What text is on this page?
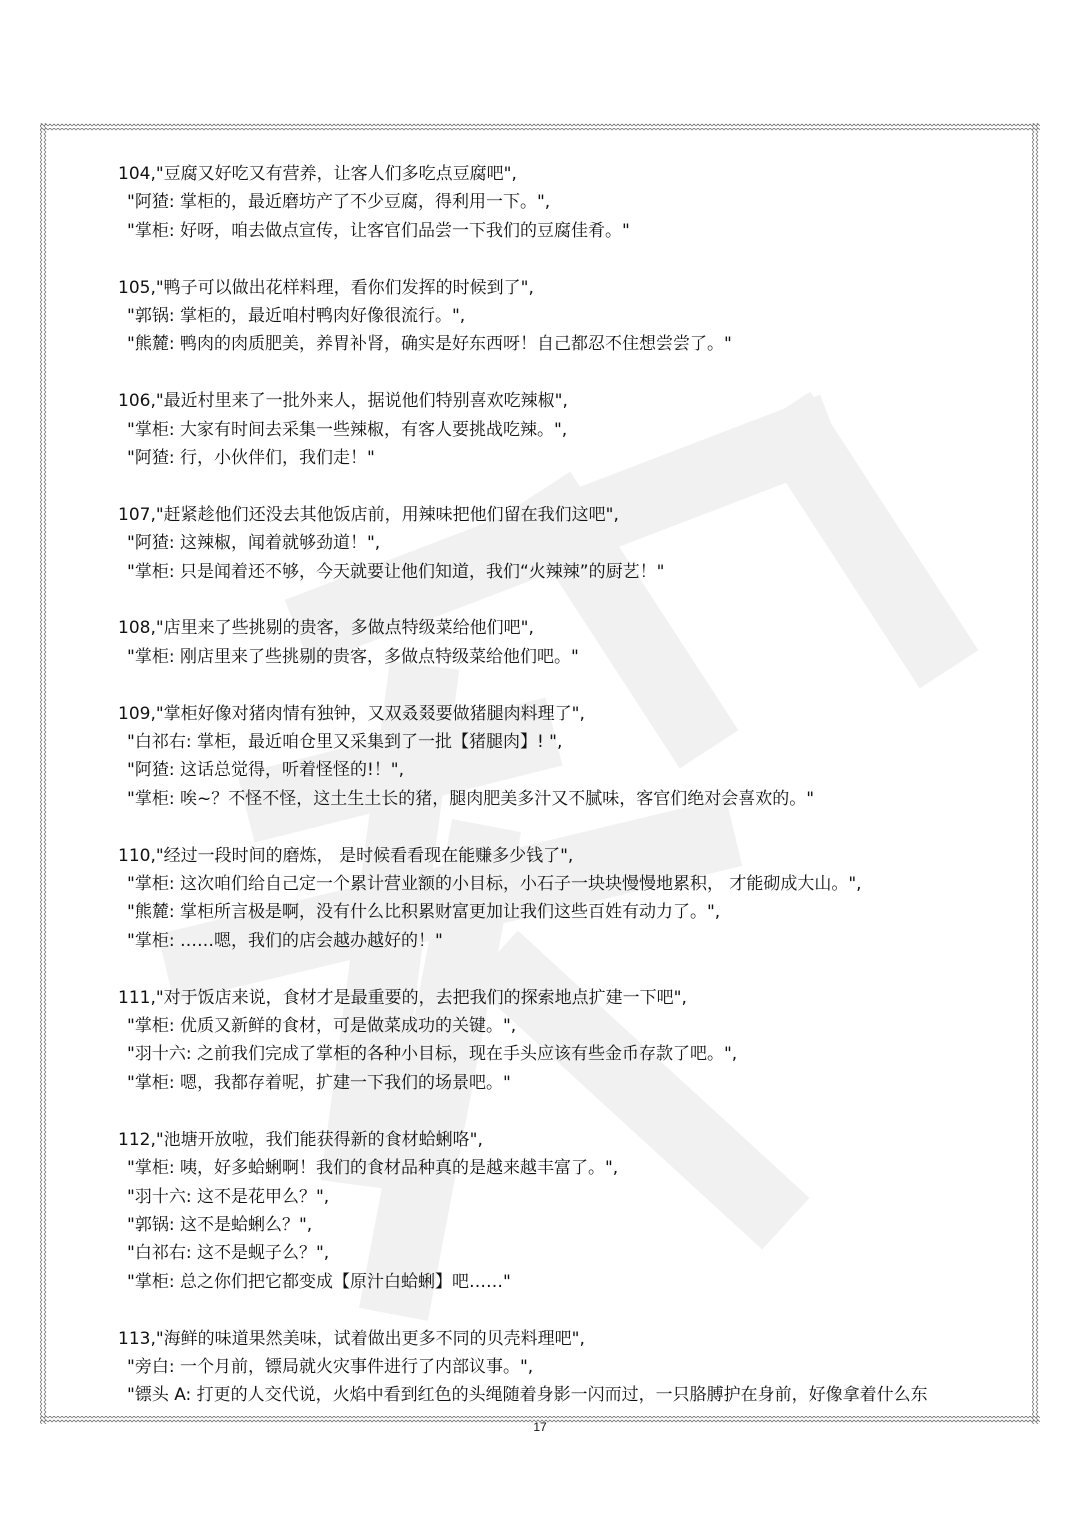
104,"豆腐又好吃又有营养，让客人们多吃点豆腐吧",
"阿猹: 掌柜的，最近磨坊产了不少豆腐，得利用一下。",
"掌柜: 好呀，咱去做点宣传，让客官们品尝一下我们的豆腐佳肴。"
105,"鸭子可以做出花样料理，看你们发挥的时候到了",
"郭锅: 掌柜的，最近咱村鸭肉好像很流行。",
"熊麓: 鸭肉的肉质肥美，养胃补肾，确实是好东西呀！自己都忍不住想尝尝了。"
106,"最近村里来了一批外来人，据说他们特别喜欢吃辣椒",
"掌柜: 大家有时间去采集一些辣椒，有客人要挑战吃辣。",
"阿猹: 行，小伙伴们，我们走！"
107,"赶紧趁他们还没去其他饭店前，用辣味把他们留在我们这吧",
"阿猹: 这辣椒，闻着就够劲道！",
"掌柜: 只是闻着还不够，今天就要让他们知道，我们“火辣辣”的厨艺！"
108,"店里来了些挑剔的贵客，多做点特级菜给他们吧",
"掌柜: 刚店里来了些挑剔的贵客，多做点特级菜给他们吧。"
109,"掌柜好像对猪肉情有独钟，又双叒叕要做猪腿肉料理了",
"白祁右: 掌柜，最近咱仓里又采集到了一批【猪腿肉】! ",
"阿猹: 这话总觉得，听着怪怪的!！",
"掌柜: 唉~？不怪不怪，这土生土长的猪，腿肉肥美多汁又不腻味，客官们绝对会喜欢的。"
110,"经过一段时间的磨炼， 是时候看看现在能赚多少钱了",
"掌柜: 这次咱们给自己定一个累计营业额的小目标，小石子一块块慢慢地累积， 才能砌成大山。",
"熊麓: 掌柜所言极是啊，没有什么比积累财富更加让我们这些百姓有动力了。",
"掌柜: ……嗯，我们的店会越办越好的！"
111,"对于饭店来说，食材才是最重要的，去把我们的探索地点扩建一下吧",
"掌柜: 优质又新鲜的食材，可是做菜成功的关键。",
"羽十六: 之前我们完成了掌柜的各种小目标，现在手头应该有些金币存款了吧。",
"掌柜: 嗯，我都存着呢，扩建一下我们的场景吧。"
112,"池塘开放啦，我们能获得新的食材蛤蜊咯",
"掌柜: 咦，好多蛤蜊啊！我们的食材品种真的是越来越丰富了。",
"羽十六: 这不是花甲么？",
"郭锅: 这不是蛤蜊么？",
"白祁右: 这不是蚬子么？",
"掌柜: 总之你们把它都变成【原汁白蛤蜊】吧……"
113,"海鲜的味道果然美味，试着做出更多不同的贝壳料理吧",
"旁白: 一个月前，镖局就火灾事件进行了内部议事。",
"镖头 A: 打更的人交代说，火焰中看到红色的头绳随着身影一闪而过，一只胳膊护在身前，好像拿着什么东
17
